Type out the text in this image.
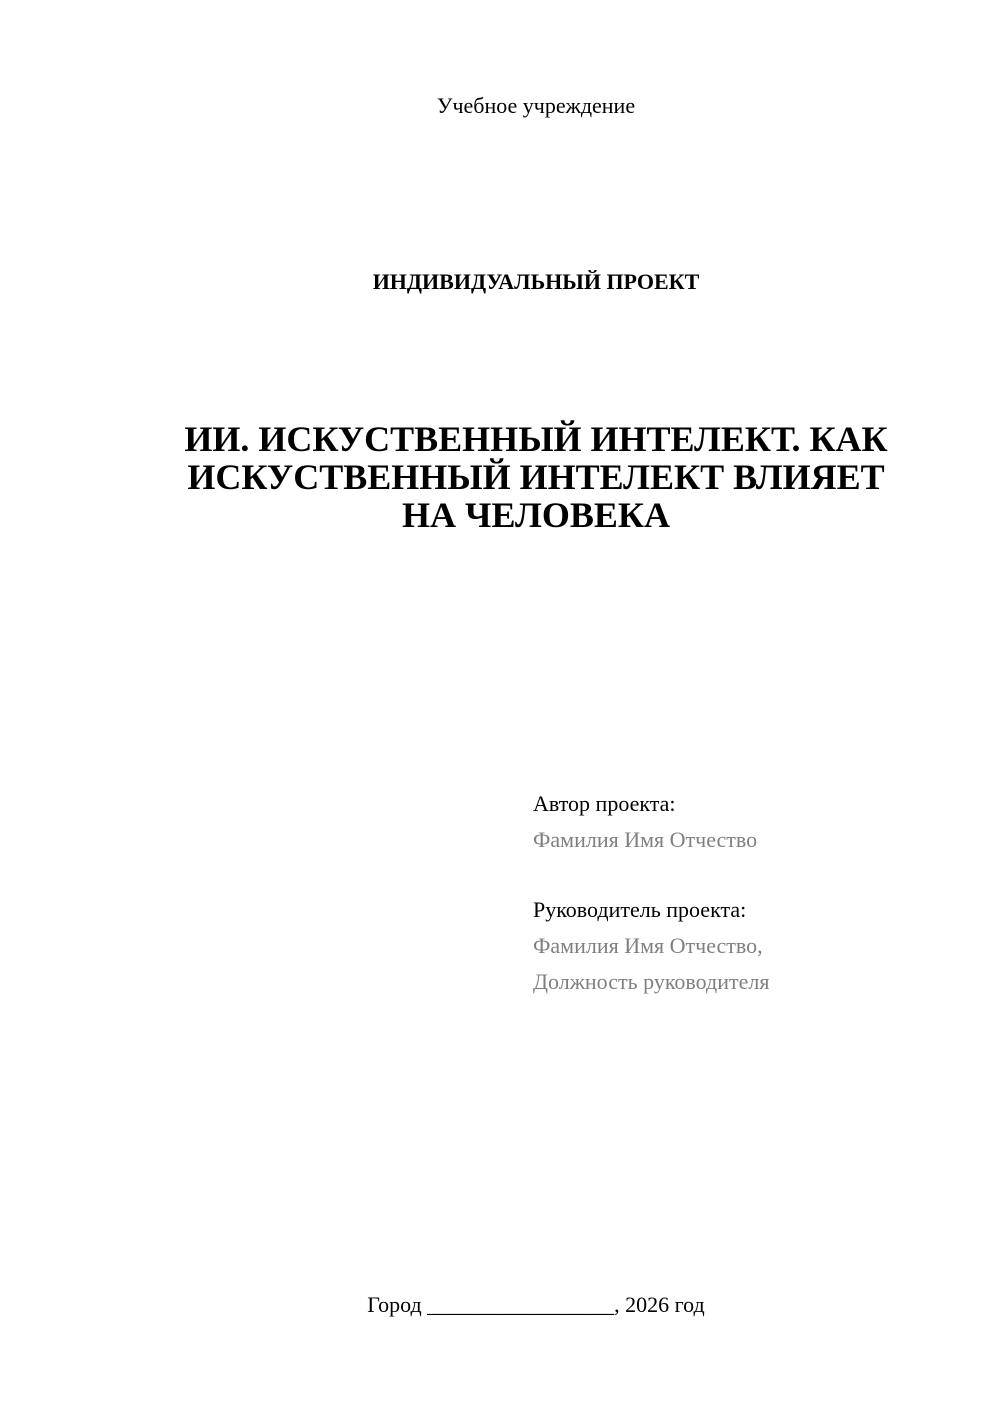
Учебное учреждение
ИНДИВИДУАЛЬНЫЙ ПРОЕКТ
ИИ. ИСКУСТВЕННЫЙ ИНТЕЛЕКТ. КАК
ИСКУСТВЕННЫЙ ИНТЕЛЕКТ ВЛИЯЕТ
НА ЧЕЛОВЕКА
Автор проекта:
Фамилия Имя Отчество
Руководитель проекта:
Фамилия Имя Отчество,
Должность руководителя
Город _________________, 2026 год
